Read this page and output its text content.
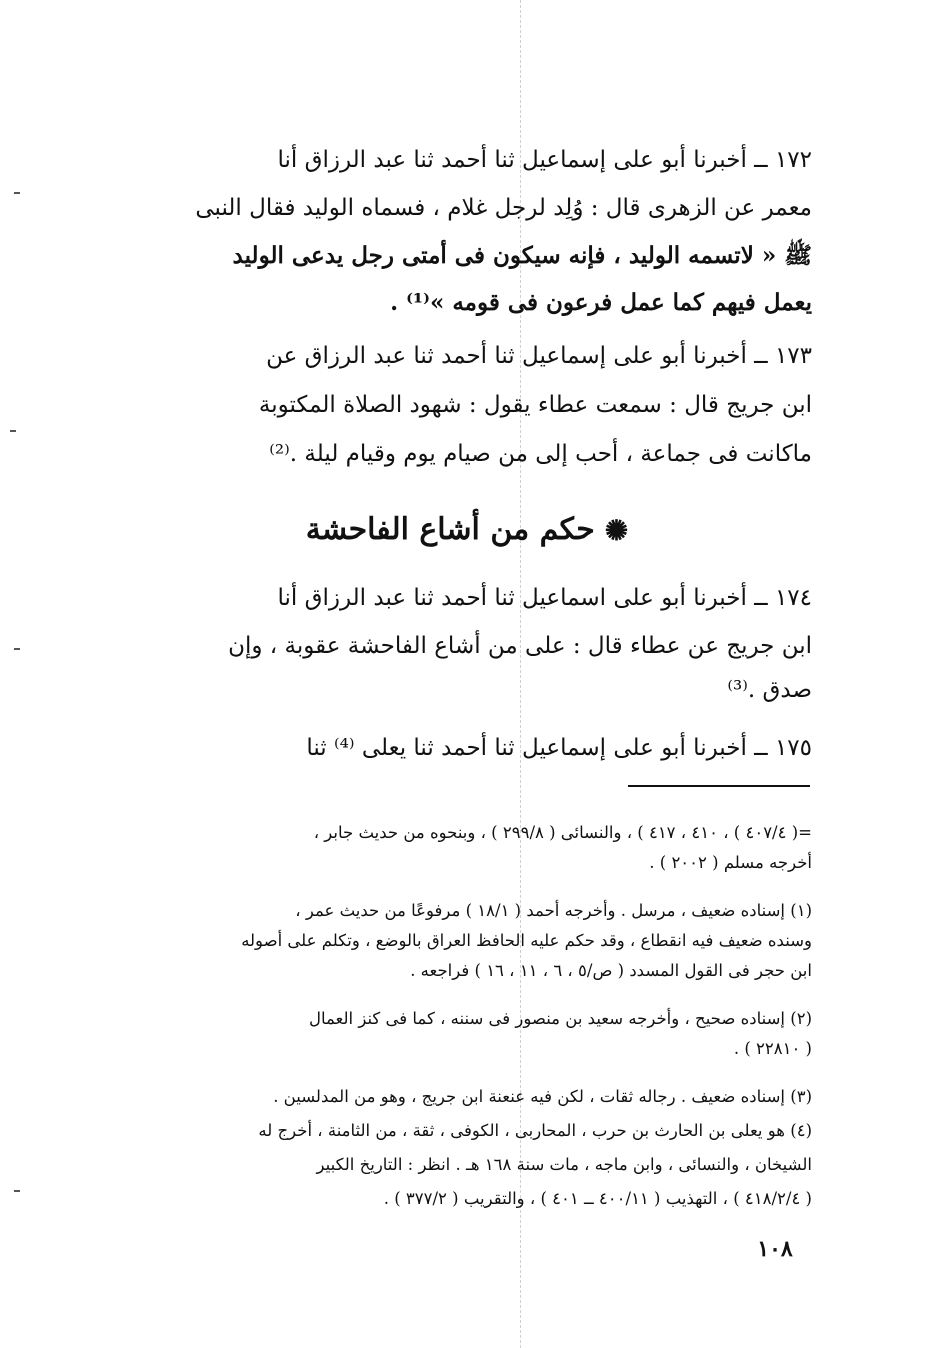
١٧٢ ــ أخبرنا أبو على إسماعيل ثنا أحمد ثنا عبد الرزاق أنا

معمر عن الزهرى قال : وُلِد لرجل غلام ، فسماه الوليد فقال النبى

ﷺ « لاتسمه الوليد ، فإنه سيكون فى أمتى رجل يدعى الوليد

يعمل فيهم كما عمل فرعون فى قومه »⁽¹⁾ .

١٧٣ ــ أخبرنا أبو على إسماعيل ثنا أحمد ثنا عبد الرزاق عن

ابن جريج قال : سمعت عطاء يقول : شهود الصلاة المكتوبة

ماكانت فى جماعة ، أحب إلى من صيام يوم وقيام ليلة .⁽²⁾

✺حكم من أشاع الفاحشة

١٧٤ ــ أخبرنا أبو على اسماعيل ثنا أحمد ثنا عبد الرزاق أنا

ابن جريج عن عطاء قال : على من أشاع الفاحشة عقوبة ، وإن

صدق .⁽³⁾

١٧٥ ــ أخبرنا أبو على إسماعيل ثنا أحمد ثنا يعلى ⁽⁴⁾ ثنا

=( ٤٠٧/٤ ) ، ٤١٠ ، ٤١٧ ) ، والنسائى ( ٢٩٩/٨ ) ، وبنحوه من حديث جابر ،

أخرجه مسلم ( ٢٠٠٢ ) .

(١) إسناده ضعيف ، مرسل . وأخرجه أحمد ( ١٨/١ ) مرفوعًا من حديث عمر ،

وسنده ضعيف فيه انقطاع ، وقد حكم عليه الحافظ العراق بالوضع ، وتكلم على أصوله

ابن حجر فى القول المسدد ( ص/٥ ، ٦ ، ١١ ، ١٦ ) فراجعه .

(٢) إسناده صحيح ، وأخرجه سعيد بن منصور فى سننه ، كما فى كنز العمال

( ٢٢٨١٠ ) .

(٣) إسناده ضعيف . رجاله ثقات ، لكن فيه عنعنة ابن جريج ، وهو من المدلسين .

(٤) هو يعلى بن الحارث بن حرب ، المحاربى ، الكوفى ، ثقة ، من الثامنة ، أخرج له

الشيخان ، والنسائى ، وابن ماجه ، مات سنة ١٦٨ هـ . انظر : التاريخ الكبير

( ٤١٨/٢/٤ ) ، التهذيب ( ٤٠٠/١١ ــ ٤٠١ ) ، والتقريب ( ٣٧٧/٢ ) .

١٠٨
